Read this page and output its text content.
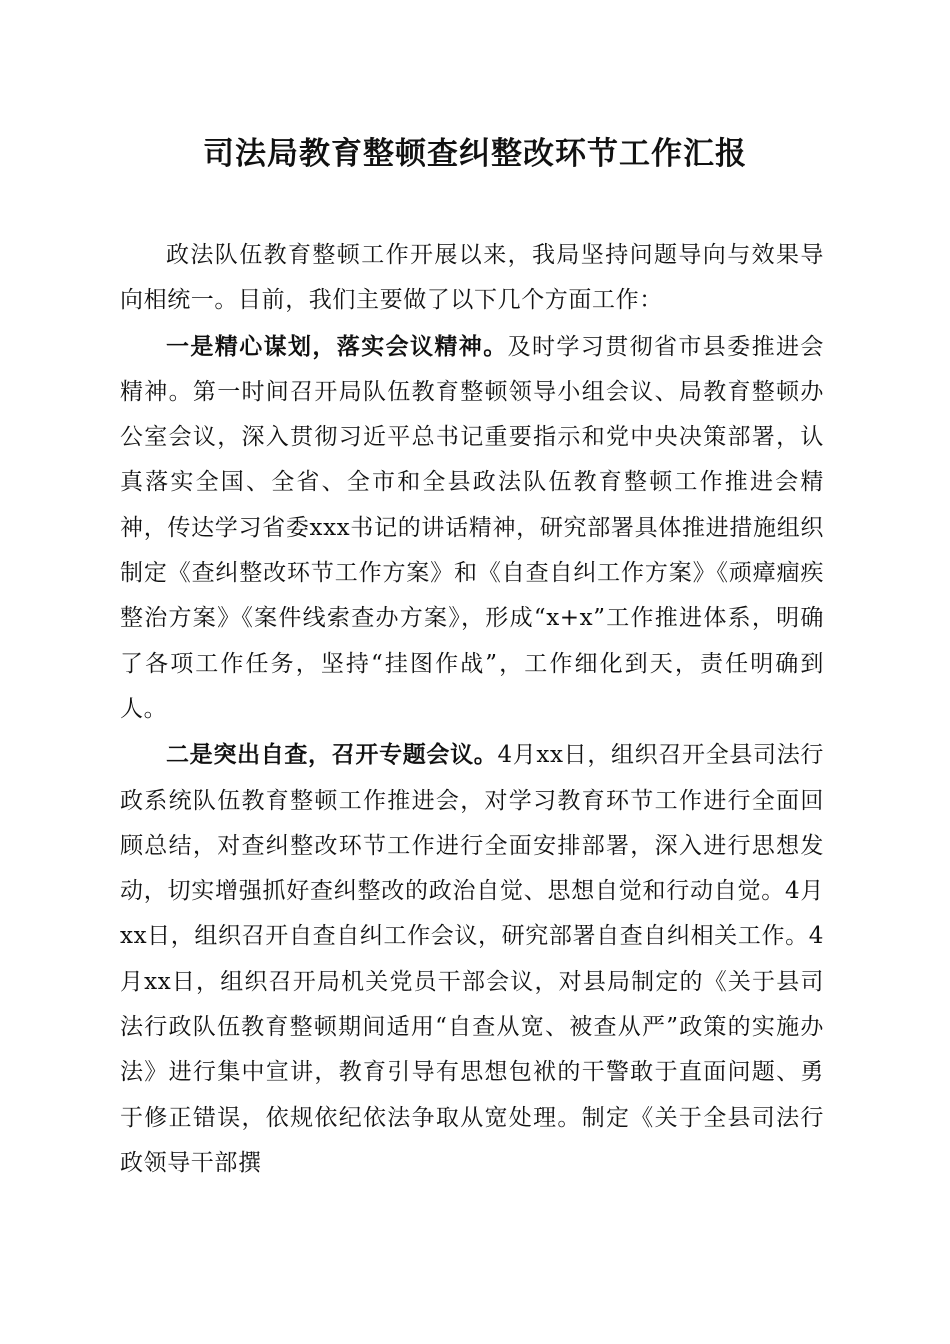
司法局教育整顿查纠整改环节工作汇报

政法队伍教育整顿工作开展以来，我局坚持问题导向与效果导向相统一。目前，我们主要做了以下几个方面工作：

一是精心谋划，落实会议精神。及时学习贯彻省市县委推进会精神。第一时间召开局队伍教育整顿领导小组会议、局教育整顿办公室会议，深入贯彻习近平总书记重要指示和党中央决策部署，认真落实全国、全省、全市和全县政法队伍教育整顿工作推进会精神，传达学习省委xxx书记的讲话精神，研究部署具体推进措施组织制定《查纠整改环节工作方案》和《自查自纠工作方案》《顽瘴痼疾整治方案》《案件线索查办方案》，形成“x+x”工作推进体系，明确了各项工作任务，坚持“挂图作战”，工作细化到天，责任明确到人。

二是突出自查，召开专题会议。4月xx日，组织召开全县司法行政系统队伍教育整顿工作推进会，对学习教育环节工作进行全面回顾总结，对查纠整改环节工作进行全面安排部署，深入进行思想发动，切实增强抓好查纠整改的政治自觉、思想自觉和行动自觉。4月xx日，组织召开自查自纠工作会议，研究部署自查自纠相关工作。4月xx日，组织召开局机关党员干部会议，对县局制定的《关于县司法行政队伍教育整顿期间适用“自查从宽、被查从严”政策的实施办法》进行集中宣讲，教育引导有思想包袱的干警敢于直面问题、勇于修正错误，依规依纪依法争取从宽处理。制定《关于全县司法行政领导干部撰
